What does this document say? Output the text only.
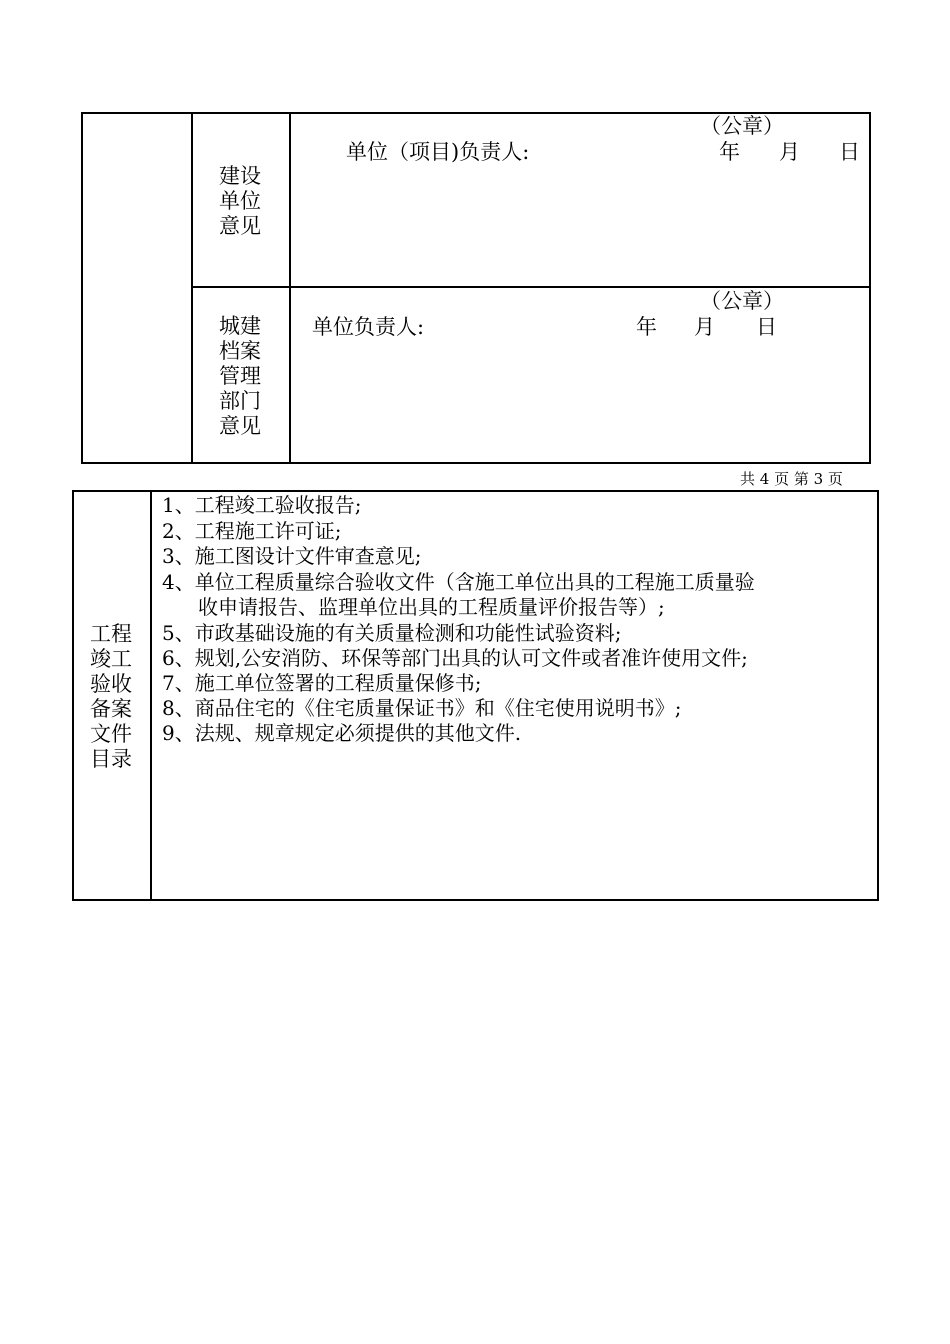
建设
单位
意见
（公章）
单位（项目)负责人:	年 月 日
城建
档案
管理
部门
意见
（公章）
单位负责人:	年 月 日
共 4 页 第 3 页
工程
竣工
验收
备案
文件
目录
1、工程竣工验收报告;
2、工程施工许可证;
3、施工图设计文件审查意见;
4、单位工程质量综合验收文件（含施工单位出具的工程施工质量验
收申请报告、监理单位出具的工程质量评价报告等）;
5、市政基础设施的有关质量检测和功能性试验资料;
6、规划,公安消防、环保等部门出具的认可文件或者准许使用文件;
7、施工单位签署的工程质量保修书;
8、商品住宅的《住宅质量保证书》和《住宅使用说明书》;
9、法规、规章规定必须提供的其他文件.
